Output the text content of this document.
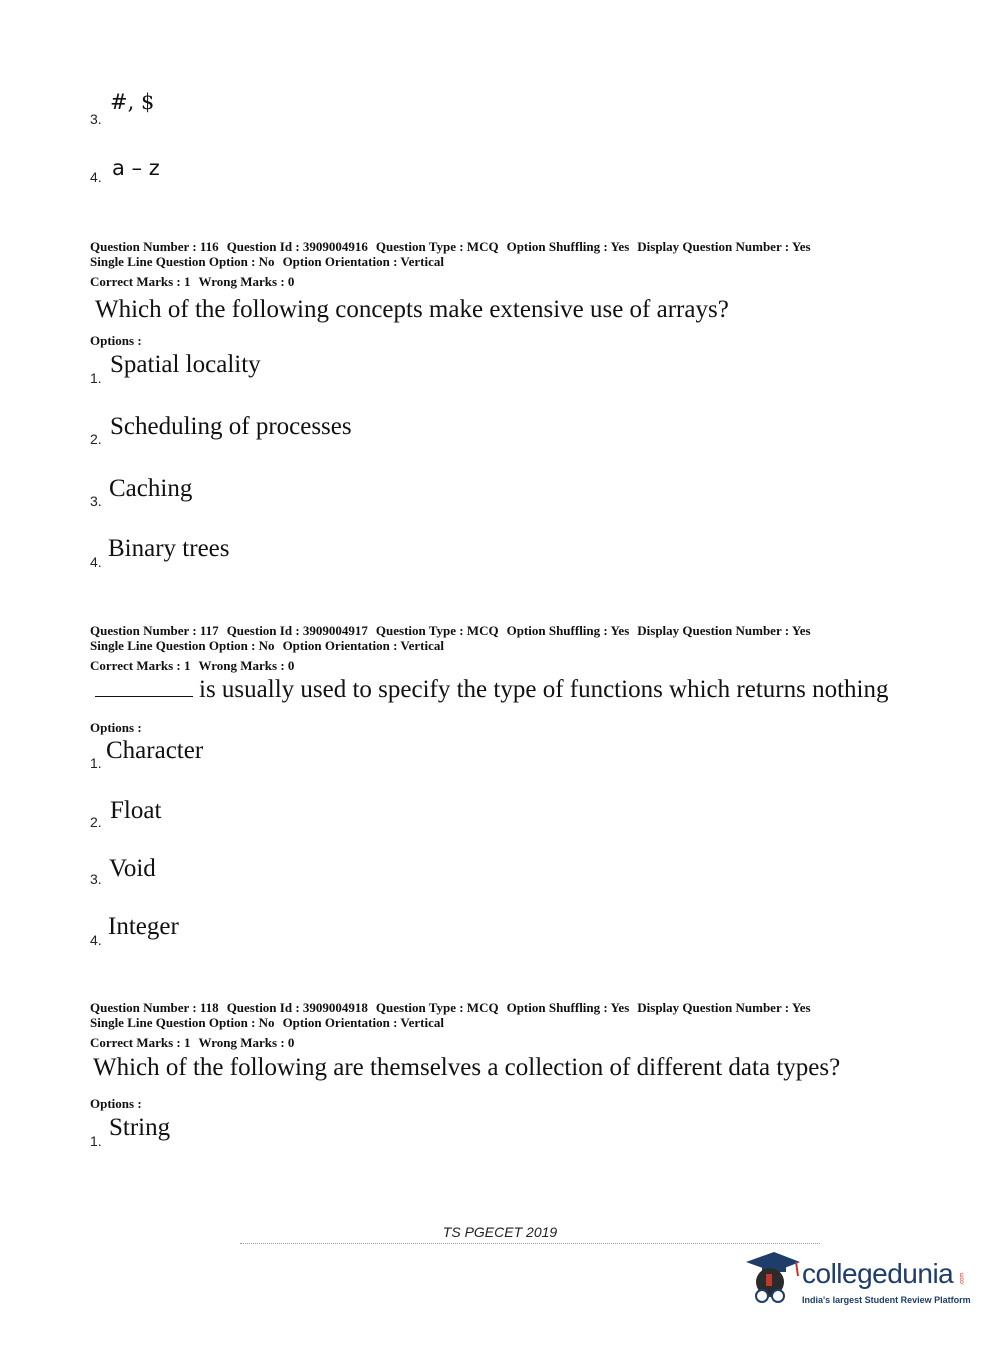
3.
#, $
4. a – z
Question Number : 116 Question Id : 3909004916 Question Type : MCQ Option Shuffling : Yes Display Question Number : Yes
Single Line Question Option : No Option Orientation : Vertical
Correct Marks : 1 Wrong Marks : 0
Which of the following concepts make extensive use of arrays?
Options :
1. Spatial locality
2. Scheduling of processes
3. Caching
4. Binary trees
Question Number : 117 Question Id : 3909004917 Question Type : MCQ Option Shuffling : Yes Display Question Number : Yes
Single Line Question Option : No Option Orientation : Vertical
Correct Marks : 1 Wrong Marks : 0
is usually used to specify the type of functions which returns nothing
Options :
1. Character
2. Float
3. Void
4. Integer
Question Number : 118 Question Id : 3909004918 Question Type : MCQ Option Shuffling : Yes Display Question Number : Yes
Single Line Question Option : No Option Orientation : Vertical
Correct Marks : 1 Wrong Marks : 0
Which of the following are themselves a collection of different data types?
Options :
1. String
TS PGECET 2019
collegedunia .com
India's largest Student Review Platform
